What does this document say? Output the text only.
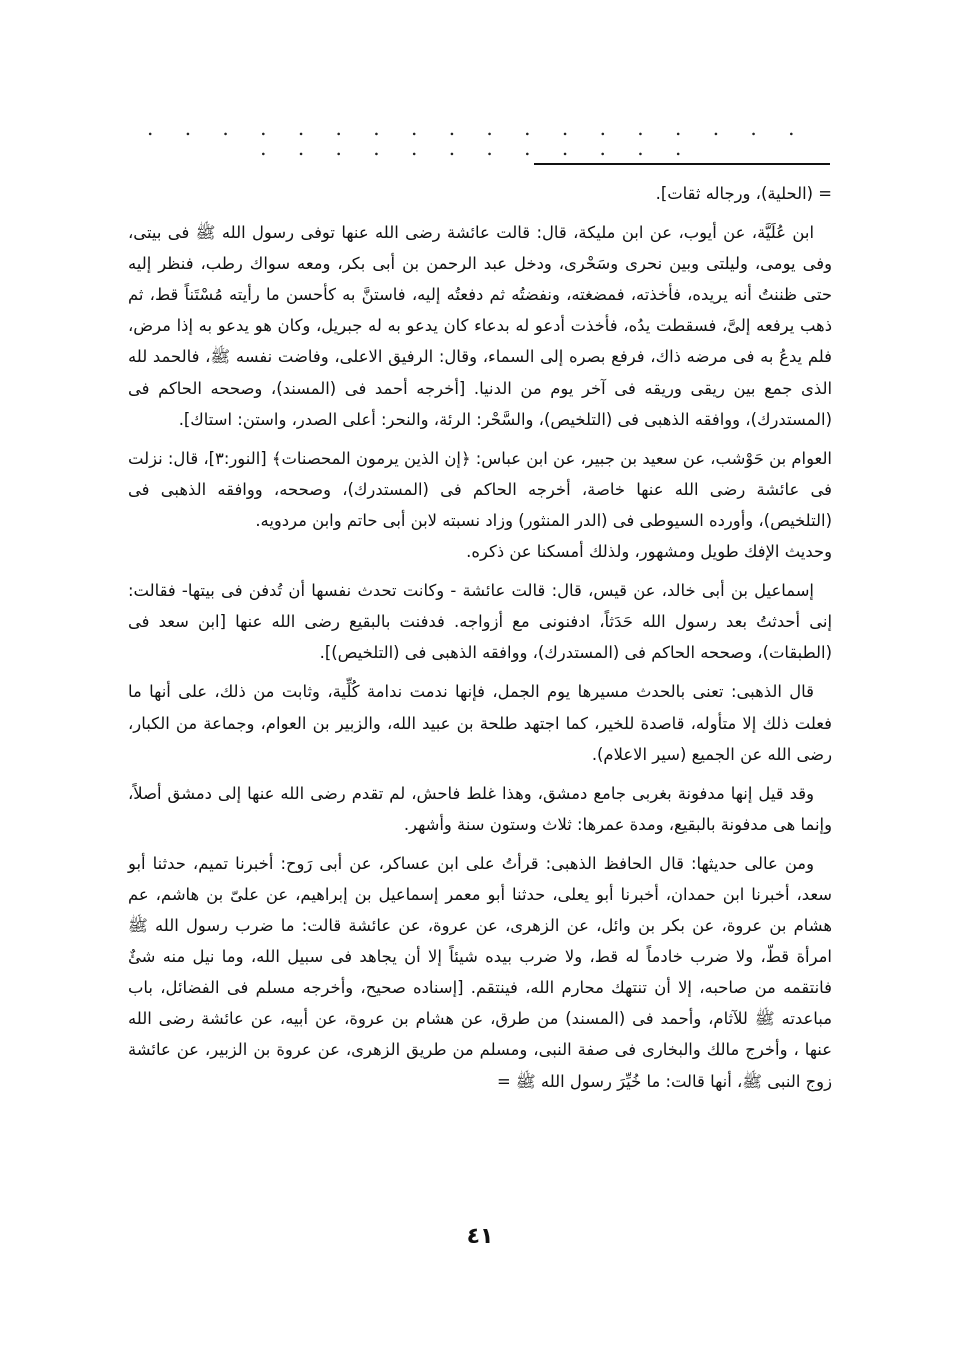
. . . . . . . . . . . . . . . . . . . . . . . . . . . . . .

= (الحلية)، ورجاله ثقات].

ابن عُلَيَّة، عن أيوب، عن ابن مليكة، قال: قالت عائشة رضى الله عنها توفى رسول الله ﷺ فى بيتى، وفى يومى، وليلتى وبين نحرى وسَحْرى، ودخل عبد الرحمن بن أبى بكر، ومعه سواك رطب، فنظر إليه حتى ظننتُ أنه يريده، فأخذته، فمضغته، ونفضتُه ثم دفعتُه إليه، فاستنَّ به كأحسن ما رأيته مُسْتَناً قط، ثم ذهب يرفعه إلىَّ، فسقطت يدُه، فأخذت أدعو له بدعاء كان يدعو به له جبريل، وكان هو يدعو به إذا مرض، فلم يدعُ به فى مرضه ذاك، فرفع بصره إلى السماء، وقال: الرفيق الاعلى، وفاضت نفسه ﷺ، فالحمد لله الذى جمع بين ريقى وريقه فى آخر يوم من الدنيا. [أخرجه أحمد فى (المسند)، وصححه الحاكم فى (المستدرك)، ووافقه الذهبى فى (التلخيص)، والسَّحْر: الرئة، والنحر: أعلى الصدر، واستن: استاك].

العوام بن حَوْشب، عن سعيد بن جبير، عن ابن عباس: ﴿إن الذين يرمون المحصنات﴾ [النور:٣]، قال: نزلت فى عائشة رضى الله عنها خاصة، أخرجه الحاكم فى (المستدرك)، وصححه، ووافقه الذهبى فى (التلخيص)، وأورده السيوطى فى (الدر المنثور) وزاد نسبته لابن أبى حاتم وابن مردويه.

وحديث الإفك طويل ومشهور، ولذلك أمسكنا عن ذكره.

إسماعيل بن أبى خالد، عن قيس، قال: قالت عائشة - وكانت تحدث نفسها أن تُدفن فى بيتها- فقالت: إنى أحدثتُ بعد رسول الله حَدَثاً، ادفنونى مع أزواجه. فدفنت بالبقيع رضى الله عنها [ابن سعد فى (الطبقات)، وصححه الحاكم فى (المستدرك)، ووافقه الذهبى فى (التلخيص)].

قال الذهبى: تعنى بالحدث مسيرها يوم الجمل، فإنها ندمت ندامة كُلِّية، وثابت من ذلك، على أنها ما فعلت ذلك إلا متأوله، قاصدة للخير، كما اجتهد طلحة بن عبيد الله، والزبير بن العوام، وجماعة من الكبار، رضى الله عن الجميع (سير الاعلام).

وقد قيل إنها مدفونة بغربى جامع دمشق، وهذا غلط فاحش، لم تقدم رضى الله عنها إلى دمشق أصلاً، وإنما هى مدفونة بالبقيع، ومدة عمرها: ثلاث وستون سنة وأشهر.

ومن عالى حديثها: قال الحافظ الذهبى: قرأتُ على ابن عساكر، عن أبى رَوح: أخبرنا تميم، حدثنا أبو سعد، أخبرنا ابن حمدان، أخبرنا أبو يعلى، حدثنا أبو معمر إسماعيل بن إبراهيم، عن علىّ بن هاشم، عم هشام بن عروة، عن بكر بن وائل، عن الزهرى، عن عروة، عن عائشة قالت: ما ضرب رسول الله ﷺ امرأة قطّ، ولا ضرب خادماً له قط، ولا ضرب بيده شيئاً إلا أن يجاهد فى سبيل الله، وما نيل منه شئٌ فانتقمه من صاحبه، إلا أن تنتهك محارم الله، فينتقم. [إسناده صحيح، وأخرجه مسلم فى الفضائل، باب مباعدته ﷺ للآثام، وأحمد فى (المسند) من طرق، عن هشام بن عروة، عن أبيه، عن عائشة رضى الله عنها ، وأخرج مالك والبخارى فى صفة النبى، ومسلم من طريق الزهرى، عن عروة بن الزبير، عن عائشة زوج النبى ﷺ، أنها قالت: ما خُيِّرَ رسول الله ﷺ =

٤١
